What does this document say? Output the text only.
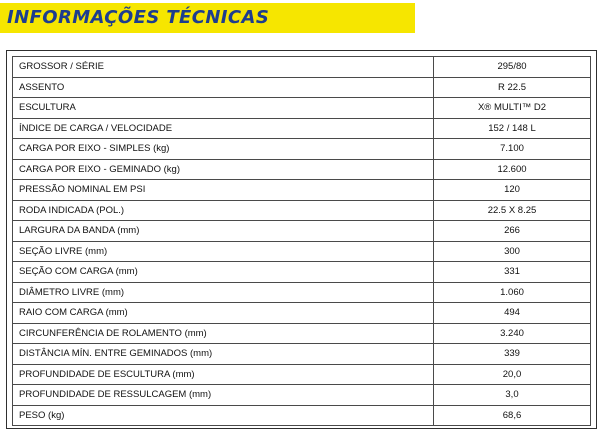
INFORMAÇÕES TÉCNICAS
GROSSOR / SÉRIE	295/80
ASSENTO	R 22.5
ESCULTURA	X® MULTI™ D2
ÍNDICE DE CARGA / VELOCIDADE	152 / 148 L
CARGA POR EIXO - SIMPLES (kg)	7.100
CARGA POR EIXO - GEMINADO (kg)	12.600
PRESSÃO NOMINAL EM PSI	120
RODA INDICADA (POL.)	22.5 X 8.25
LARGURA DA BANDA (mm)	266
SEÇÃO LIVRE (mm)	300
SEÇÃO COM CARGA (mm)	331
DIÂMETRO LIVRE (mm)	1.060
RAIO COM CARGA (mm)	494
CIRCUNFERÊNCIA DE ROLAMENTO (mm)	3.240
DISTÂNCIA MÍN. ENTRE GEMINADOS (mm)	339
PROFUNDIDADE DE ESCULTURA (mm)	20,0
PROFUNDIDADE DE RESSULCAGEM (mm)	3,0
PESO (kg)	68,6
